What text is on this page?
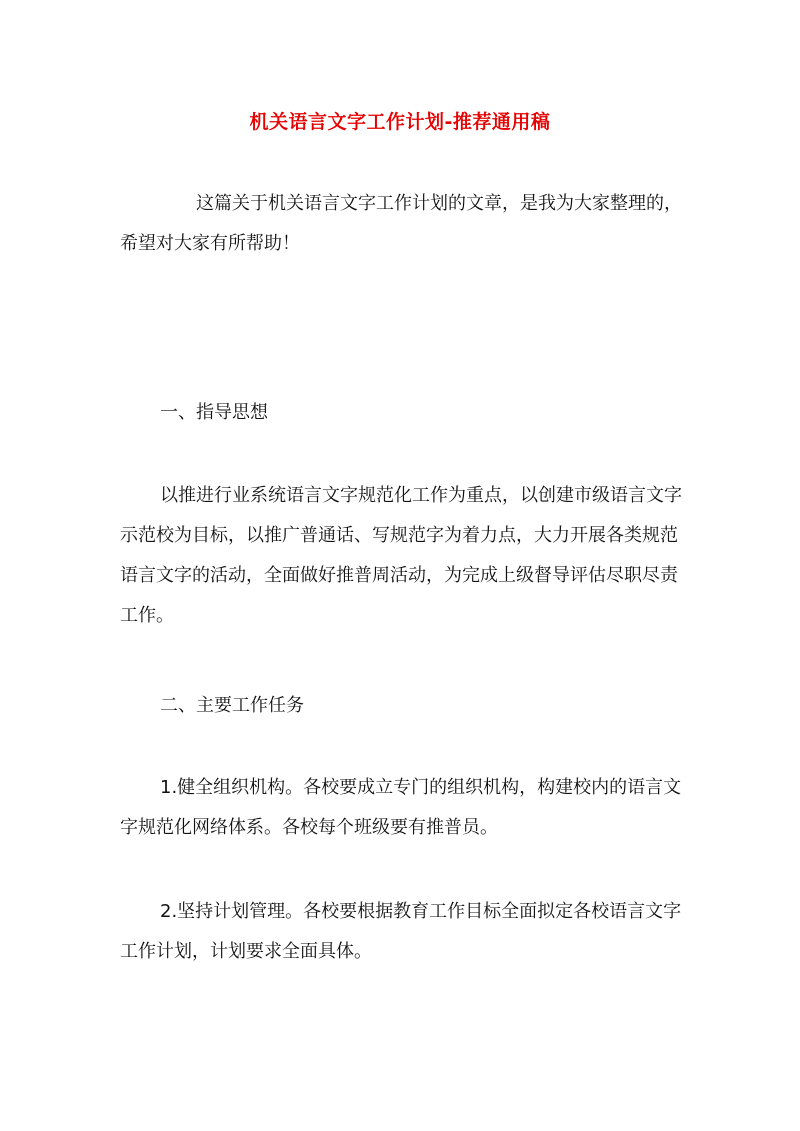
机关语言文字工作计划-推荐通用稿

这篇关于机关语言文字工作计划的文章，是我为大家整理的，希望对大家有所帮助！

一、指导思想

以推进行业系统语言文字规范化工作为重点，以创建市级语言文字示范校为目标，以推广普通话、写规范字为着力点，大力开展各类规范语言文字的活动，全面做好推普周活动，为完成上级督导评估尽职尽责工作。

二、主要工作任务

1.健全组织机构。各校要成立专门的组织机构，构建校内的语言文字规范化网络体系。各校每个班级要有推普员。

2.坚持计划管理。各校要根据教育工作目标全面拟定各校语言文字工作计划，计划要求全面具体。
